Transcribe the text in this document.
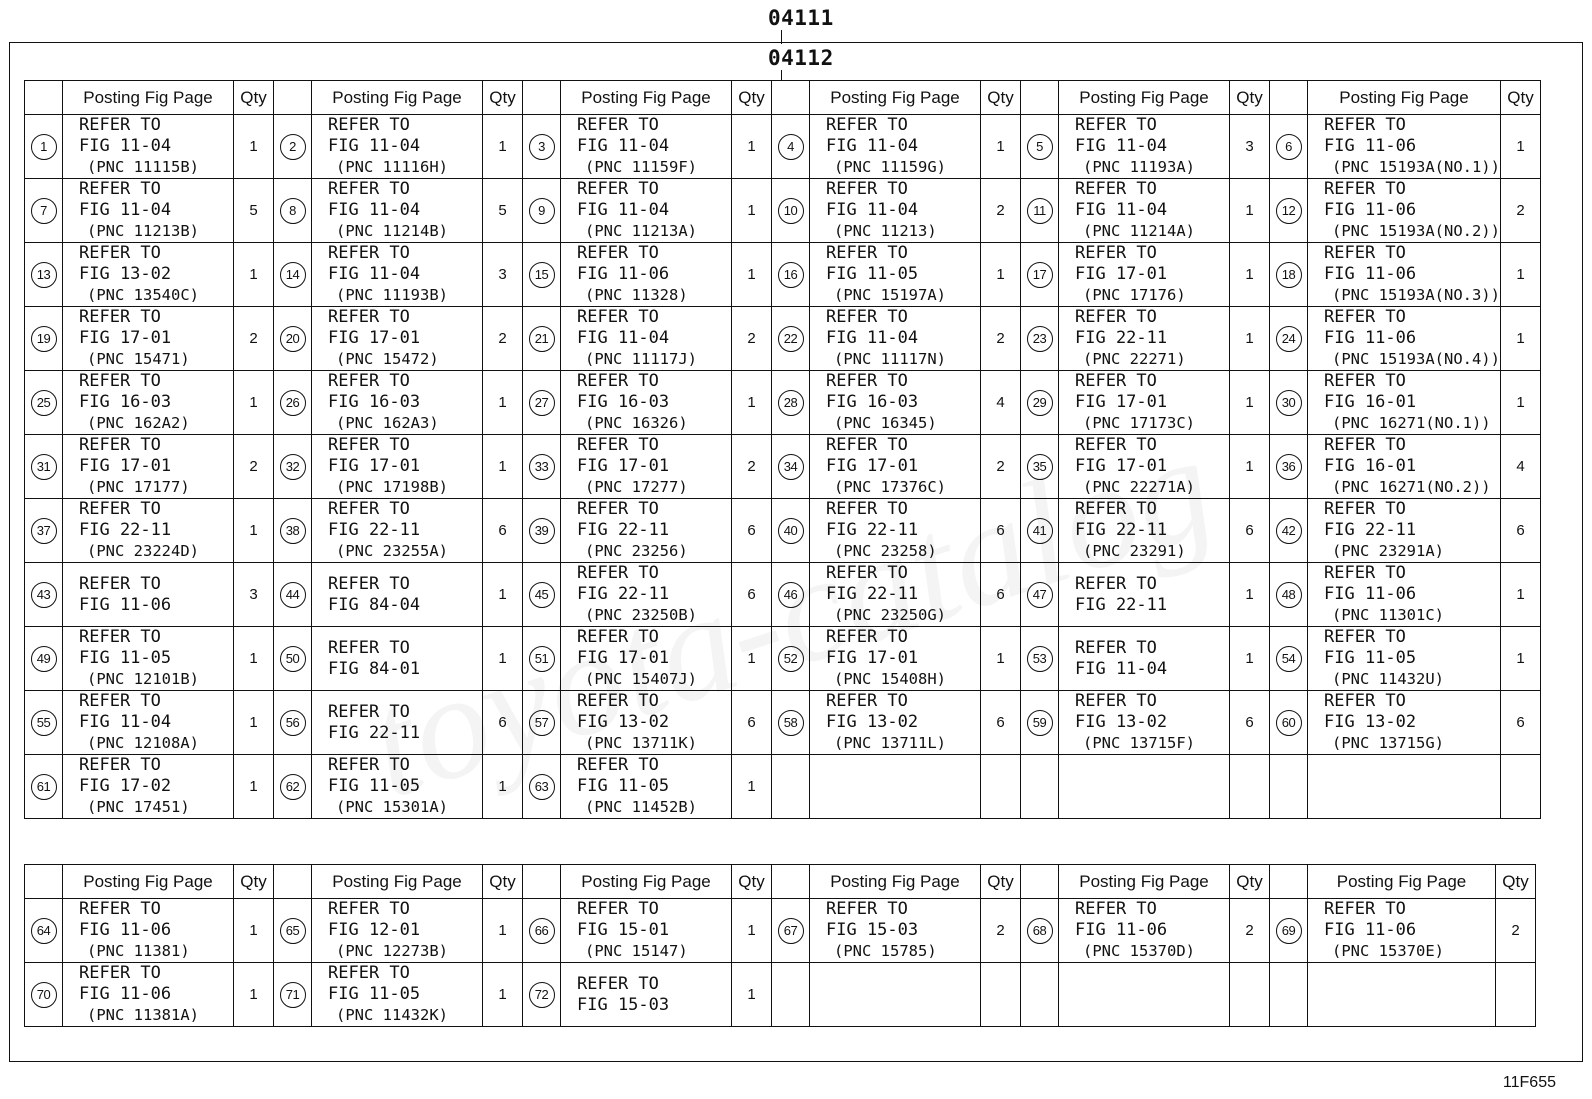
04111
04112
	Posting Fig Page	Qty		Posting Fig Page	Qty		Posting Fig Page	Qty		Posting Fig Page	Qty		Posting Fig Page	Qty		Posting Fig Page	Qty
1	REFER TO
FIG 11-04
(PNC 11115B)	1	2	REFER TO
FIG 11-04
(PNC 11116H)	1	3	REFER TO
FIG 11-04
(PNC 11159F)	1	4	REFER TO
FIG 11-04
(PNC 11159G)	1	5	REFER TO
FIG 11-04
(PNC 11193A)	3	6	REFER TO
FIG 11-06
(PNC 15193A(NO.1))	1
7	REFER TO
FIG 11-04
(PNC 11213B)	5	8	REFER TO
FIG 11-04
(PNC 11214B)	5	9	REFER TO
FIG 11-04
(PNC 11213A)	1	10	REFER TO
FIG 11-04
(PNC 11213)	2	11	REFER TO
FIG 11-04
(PNC 11214A)	1	12	REFER TO
FIG 11-06
(PNC 15193A(NO.2))	2
13	REFER TO
FIG 13-02
(PNC 13540C)	1	14	REFER TO
FIG 11-04
(PNC 11193B)	3	15	REFER TO
FIG 11-06
(PNC 11328)	1	16	REFER TO
FIG 11-05
(PNC 15197A)	1	17	REFER TO
FIG 17-01
(PNC 17176)	1	18	REFER TO
FIG 11-06
(PNC 15193A(NO.3))	1
19	REFER TO
FIG 17-01
(PNC 15471)	2	20	REFER TO
FIG 17-01
(PNC 15472)	2	21	REFER TO
FIG 11-04
(PNC 11117J)	2	22	REFER TO
FIG 11-04
(PNC 11117N)	2	23	REFER TO
FIG 22-11
(PNC 22271)	1	24	REFER TO
FIG 11-06
(PNC 15193A(NO.4))	1
25	REFER TO
FIG 16-03
(PNC 162A2)	1	26	REFER TO
FIG 16-03
(PNC 162A3)	1	27	REFER TO
FIG 16-03
(PNC 16326)	1	28	REFER TO
FIG 16-03
(PNC 16345)	4	29	REFER TO
FIG 17-01
(PNC 17173C)	1	30	REFER TO
FIG 16-01
(PNC 16271(NO.1))	1
31	REFER TO
FIG 17-01
(PNC 17177)	2	32	REFER TO
FIG 17-01
(PNC 17198B)	1	33	REFER TO
FIG 17-01
(PNC 17277)	2	34	REFER TO
FIG 17-01
(PNC 17376C)	2	35	REFER TO
FIG 17-01
(PNC 22271A)	1	36	REFER TO
FIG 16-01
(PNC 16271(NO.2))	4
37	REFER TO
FIG 22-11
(PNC 23224D)	1	38	REFER TO
FIG 22-11
(PNC 23255A)	6	39	REFER TO
FIG 22-11
(PNC 23256)	6	40	REFER TO
FIG 22-11
(PNC 23258)	6	41	REFER TO
FIG 22-11
(PNC 23291)	6	42	REFER TO
FIG 22-11
(PNC 23291A)	6
43	REFER TO
FIG 11-06	3	44	REFER TO
FIG 84-04	1	45	REFER TO
FIG 22-11
(PNC 23250B)	6	46	REFER TO
FIG 22-11
(PNC 23250G)	6	47	REFER TO
FIG 22-11	1	48	REFER TO
FIG 11-06
(PNC 11301C)	1
49	REFER TO
FIG 11-05
(PNC 12101B)	1	50	REFER TO
FIG 84-01	1	51	REFER TO
FIG 17-01
(PNC 15407J)	1	52	REFER TO
FIG 17-01
(PNC 15408H)	1	53	REFER TO
FIG 11-04	1	54	REFER TO
FIG 11-05
(PNC 11432U)	1
55	REFER TO
FIG 11-04
(PNC 12108A)	1	56	REFER TO
FIG 22-11	6	57	REFER TO
FIG 13-02
(PNC 13711K)	6	58	REFER TO
FIG 13-02
(PNC 13711L)	6	59	REFER TO
FIG 13-02
(PNC 13715F)	6	60	REFER TO
FIG 13-02
(PNC 13715G)	6
61	REFER TO
FIG 17-02
(PNC 17451)	1	62	REFER TO
FIG 11-05
(PNC 15301A)	1	63	REFER TO
FIG 11-05
(PNC 11452B)	1									
	Posting Fig Page	Qty		Posting Fig Page	Qty		Posting Fig Page	Qty		Posting Fig Page	Qty		Posting Fig Page	Qty		Posting Fig Page	Qty
64	REFER TO
FIG 11-06
(PNC 11381)	1	65	REFER TO
FIG 12-01
(PNC 12273B)	1	66	REFER TO
FIG 15-01
(PNC 15147)	1	67	REFER TO
FIG 15-03
(PNC 15785)	2	68	REFER TO
FIG 11-06
(PNC 15370D)	2	69	REFER TO
FIG 11-06
(PNC 15370E)	2
70	REFER TO
FIG 11-06
(PNC 11381A)	1	71	REFER TO
FIG 11-05
(PNC 11432K)	1	72	REFER TO
FIG 15-03	1									
11F655
